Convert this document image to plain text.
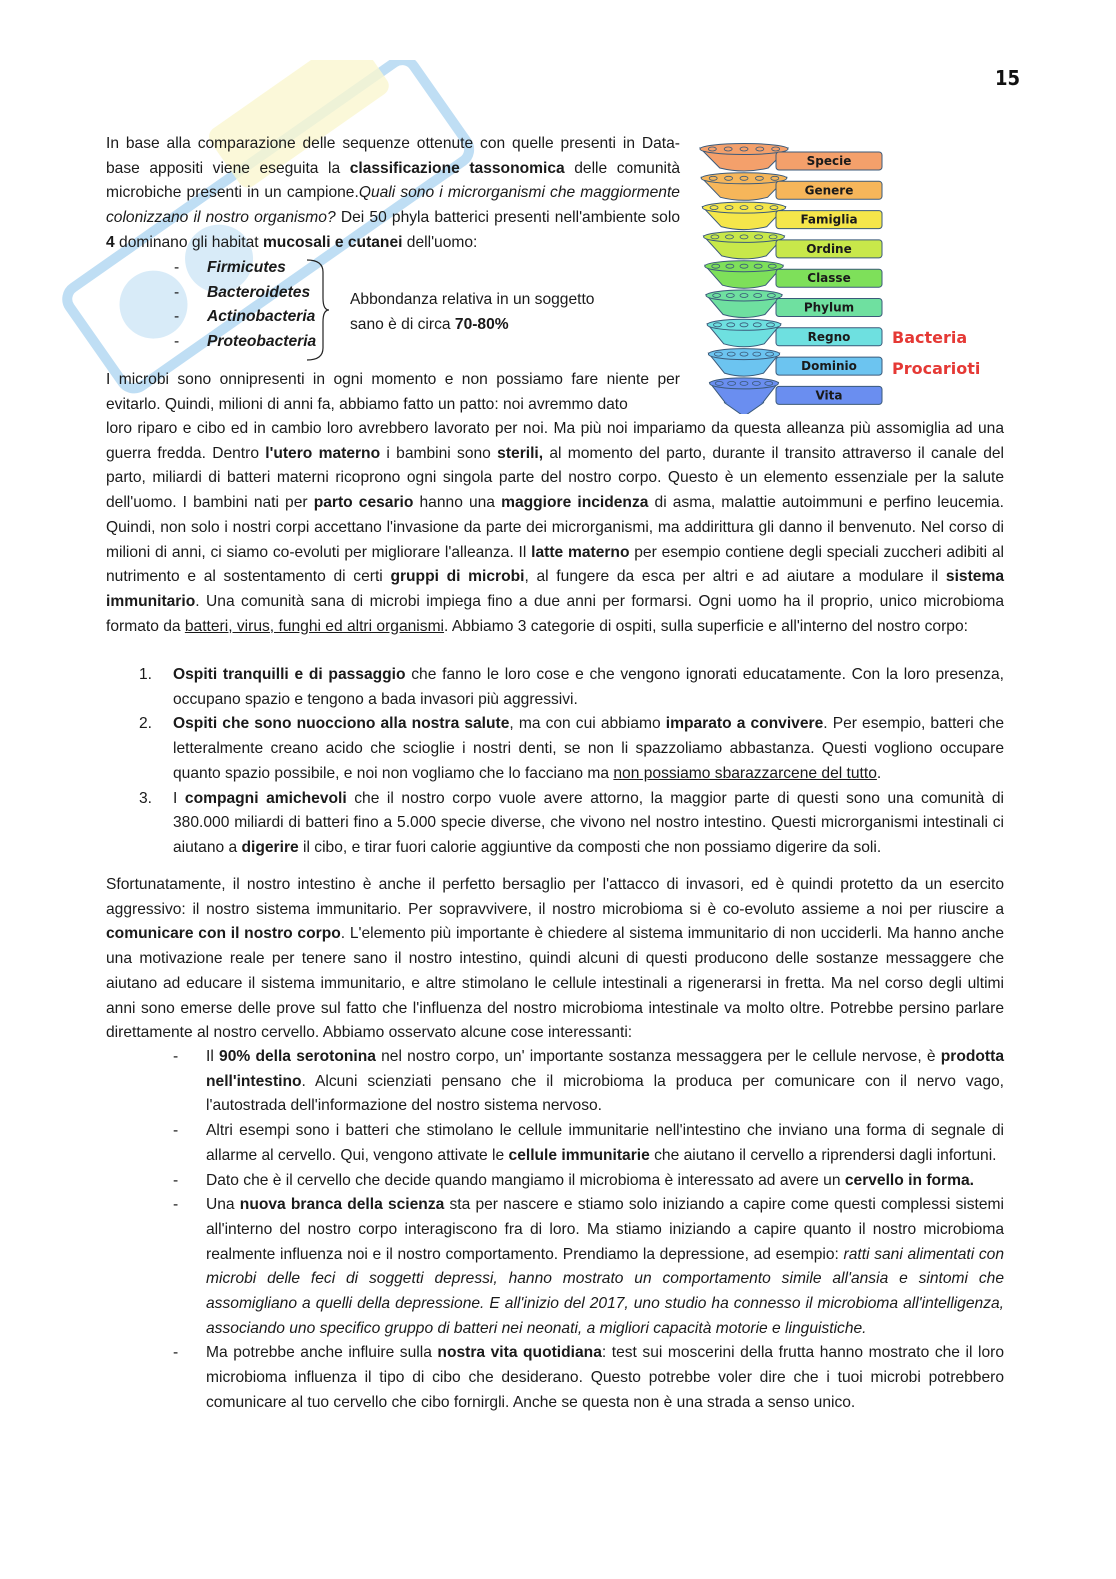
15

In base alla comparazione delle sequenze ottenute con quelle presenti in Data-base appositi viene eseguita la classificazione tassonomica delle comunità microbiche presenti in un campione.Quali sono i microrganismi che maggiormente colonizzano il nostro organismo? Dei 50 phyla batterici presenti nell'ambiente solo 4 dominano gli habitat mucosali e cutanei dell'uomo:

-	Firmicutes
-	Bacteroidetes
-	Actinobacteria
-	Proteobacteria
Abbondanza relativa in un soggetto sano è di circa 70-80%
Specie
Genere
Famiglia
Ordine
Classe
Phylum
Regno
Dominio
Vita
Bacteria
Procarioti

I microbi sono onnipresenti in ogni momento e non possiamo fare niente per evitarlo. Quindi, milioni di anni fa, abbiamo fatto un patto: noi avremmo dato

loro riparo e cibo ed in cambio loro avrebbero lavorato per noi. Ma più noi impariamo da questa alleanza più assomiglia ad una guerra fredda. Dentro l'utero materno i bambini sono sterili, al momento del parto, durante il transito attraverso il canale del parto, miliardi di batteri materni ricoprono ogni singola parte del nostro corpo. Questo è un elemento essenziale per la salute dell'uomo. I bambini nati per parto cesario hanno una maggiore incidenza di asma, malattie autoimmuni e perfino leucemia. Quindi, non solo i nostri corpi accettano l'invasione da parte dei microrganismi, ma addirittura gli danno il benvenuto. Nel corso di milioni di anni, ci siamo co-evoluti per migliorare l'alleanza. Il latte materno per esempio contiene degli speciali zuccheri adibiti al nutrimento e al sostentamento di certi gruppi di microbi, al fungere da esca per altri e ad aiutare a modulare il sistema immunitario. Una comunità sana di microbi impiega fino a due anni per formarsi. Ogni uomo ha il proprio, unico microbioma formato da batteri, virus, funghi ed altri organismi. Abbiamo 3 categorie di ospiti, sulla superficie e all'interno del nostro corpo:

1.	Ospiti tranquilli e di passaggio che fanno le loro cose e che vengono ignorati educatamente. Con la loro presenza, occupano spazio e tengono a bada invasori più aggressivi.
2.	Ospiti che sono nuocciono alla nostra salute, ma con cui abbiamo imparato a convivere. Per esempio, batteri che letteralmente creano acido che scioglie i nostri denti, se non li spazzoliamo abbastanza. Questi vogliono occupare quanto spazio possibile, e noi non vogliamo che lo facciano ma non possiamo sbarazzarcene del tutto.
3.	I compagni amichevoli che il nostro corpo vuole avere attorno, la maggior parte di questi sono una comunità di 380.000 miliardi di batteri fino a 5.000 specie diverse, che vivono nel nostro intestino. Questi microrganismi intestinali ci aiutano a digerire il cibo, e tirar fuori calorie aggiuntive da composti che non possiamo digerire da soli.

Sfortunatamente, il nostro intestino è anche il perfetto bersaglio per l'attacco di invasori, ed è quindi protetto da un esercito aggressivo: il nostro sistema immunitario. Per sopravvivere, il nostro microbioma si è co-evoluto assieme a noi per riuscire a comunicare con il nostro corpo. L'elemento più importante è chiedere al sistema immunitario di non ucciderli. Ma hanno anche una motivazione reale per tenere sano il nostro intestino, quindi alcuni di questi producono delle sostanze messaggere che aiutano ad educare il sistema immunitario, e altre stimolano le cellule intestinali a rigenerarsi in fretta. Ma nel corso degli ultimi anni sono emerse delle prove sul fatto che l'influenza del nostro microbioma intestinale va molto oltre. Potrebbe persino parlare direttamente al nostro cervello. Abbiamo osservato alcune cose interessanti:

-	Il 90% della serotonina nel nostro corpo, un' importante sostanza messaggera per le cellule nervose, è prodotta nell'intestino. Alcuni scienziati pensano che il microbioma la produca per comunicare con il nervo vago, l'autostrada dell'informazione del nostro sistema nervoso.
-	Altri esempi sono i batteri che stimolano le cellule immunitarie nell'intestino che inviano una forma di segnale di allarme al cervello. Qui, vengono attivate le cellule immunitarie che aiutano il cervello a riprendersi dagli infortuni.
-	Dato che è il cervello che decide quando mangiamo il microbioma è interessato ad avere un cervello in forma.
-	Una nuova branca della scienza sta per nascere e stiamo solo iniziando a capire come questi complessi sistemi all'interno del nostro corpo interagiscono fra di loro. Ma stiamo iniziando a capire quanto il nostro microbioma realmente influenza noi e il nostro comportamento. Prendiamo la depressione, ad esempio: ratti sani alimentati con microbi delle feci di soggetti depressi, hanno mostrato un comportamento simile all'ansia e sintomi che assomigliano a quelli della depressione. E all'inizio del 2017, uno studio ha connesso il microbioma all'intelligenza, associando uno specifico gruppo di batteri nei neonati, a migliori capacità motorie e linguistiche.
-	Ma potrebbe anche influire sulla nostra vita quotidiana: test sui moscerini della frutta hanno mostrato che il loro microbioma influenza il tipo di cibo che desiderano. Questo potrebbe voler dire che i tuoi microbi potrebbero comunicare al tuo cervello che cibo fornirgli. Anche se questa non è una strada a senso unico.
